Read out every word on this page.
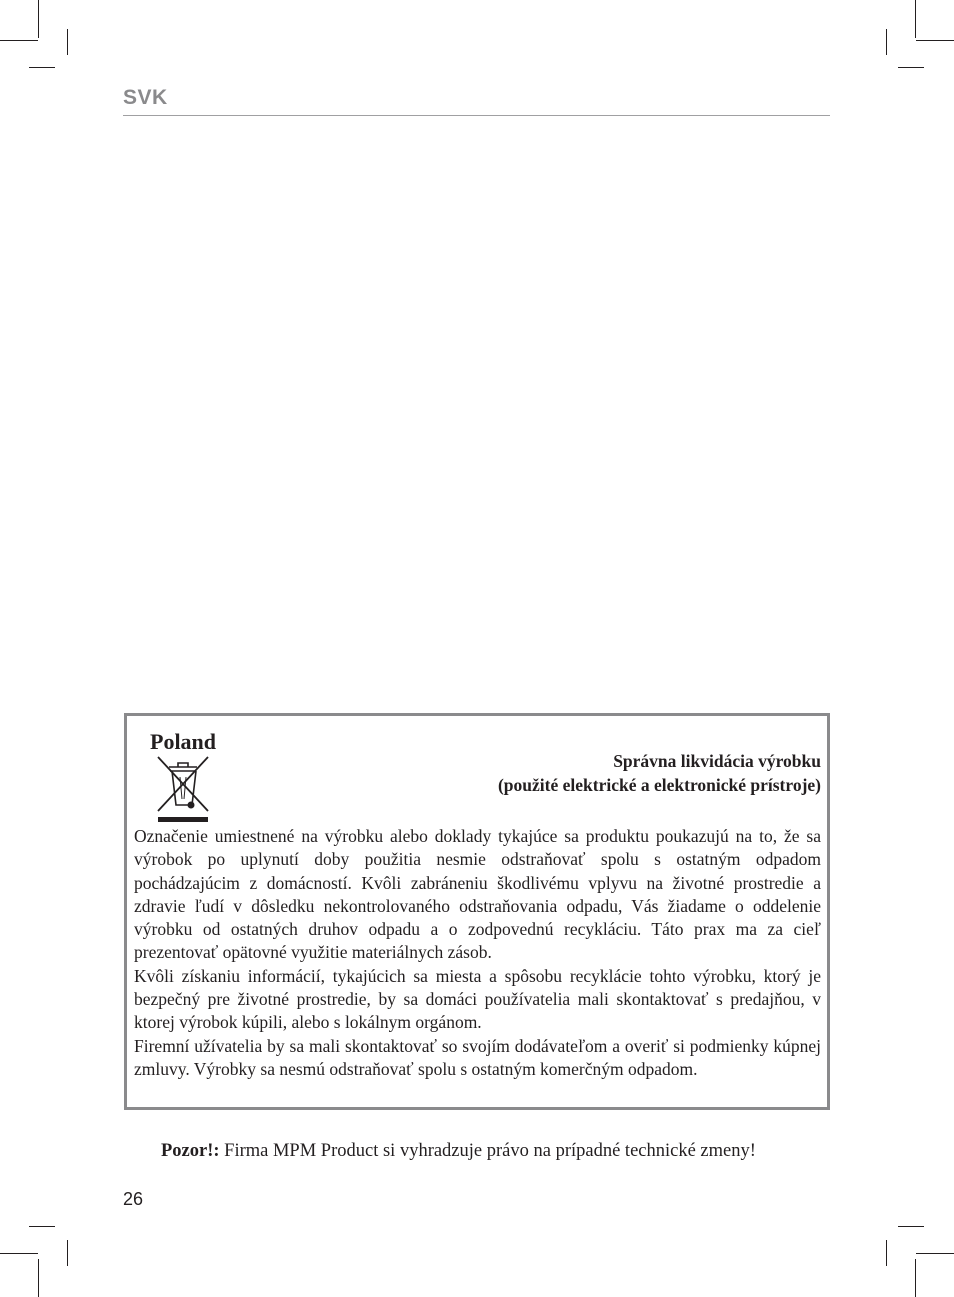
SVK
Poland
Správna likvidácia výrobku
(použité elektrické a elektronické prístroje)

Označenie umiestnené na výrobku alebo doklady tykajúce sa produktu poukazujú na to, že sa výrobok po uplynutí doby použitia nesmie odstraňovať spolu s ostatným odpadom pochádzajúcim z domácností. Kvôli zabráneniu škodlivému vplyvu na životné prostredie a zdravie ľudí v dôsledku nekontrolovaného odstraňovania odpadu, Vás žiadame o oddelenie výrobku od ostatných druhov odpadu a o zodpovednú recykláciu. Táto prax ma za cieľ prezentovať opätovné využitie materiálnych zásob.

Kvôli získaniu informácií, tykajúcich sa miesta a spôsobu recyklácie tohto výrobku, ktorý je bezpečný pre životné prostredie, by sa domáci používatelia mali skontaktovať s predajňou, v ktorej výrobok kúpili, alebo s lokálnym orgánom.

Firemní užívatelia by sa mali skontaktovať so svojím dodávateľom a overiť si podmienky kúpnej zmluvy. Výrobky sa nesmú odstraňovať spolu s ostatným komerčným odpadom.

Pozor!: Firma MPM Product si vyhradzuje právo na prípadné technické zmeny!
26
